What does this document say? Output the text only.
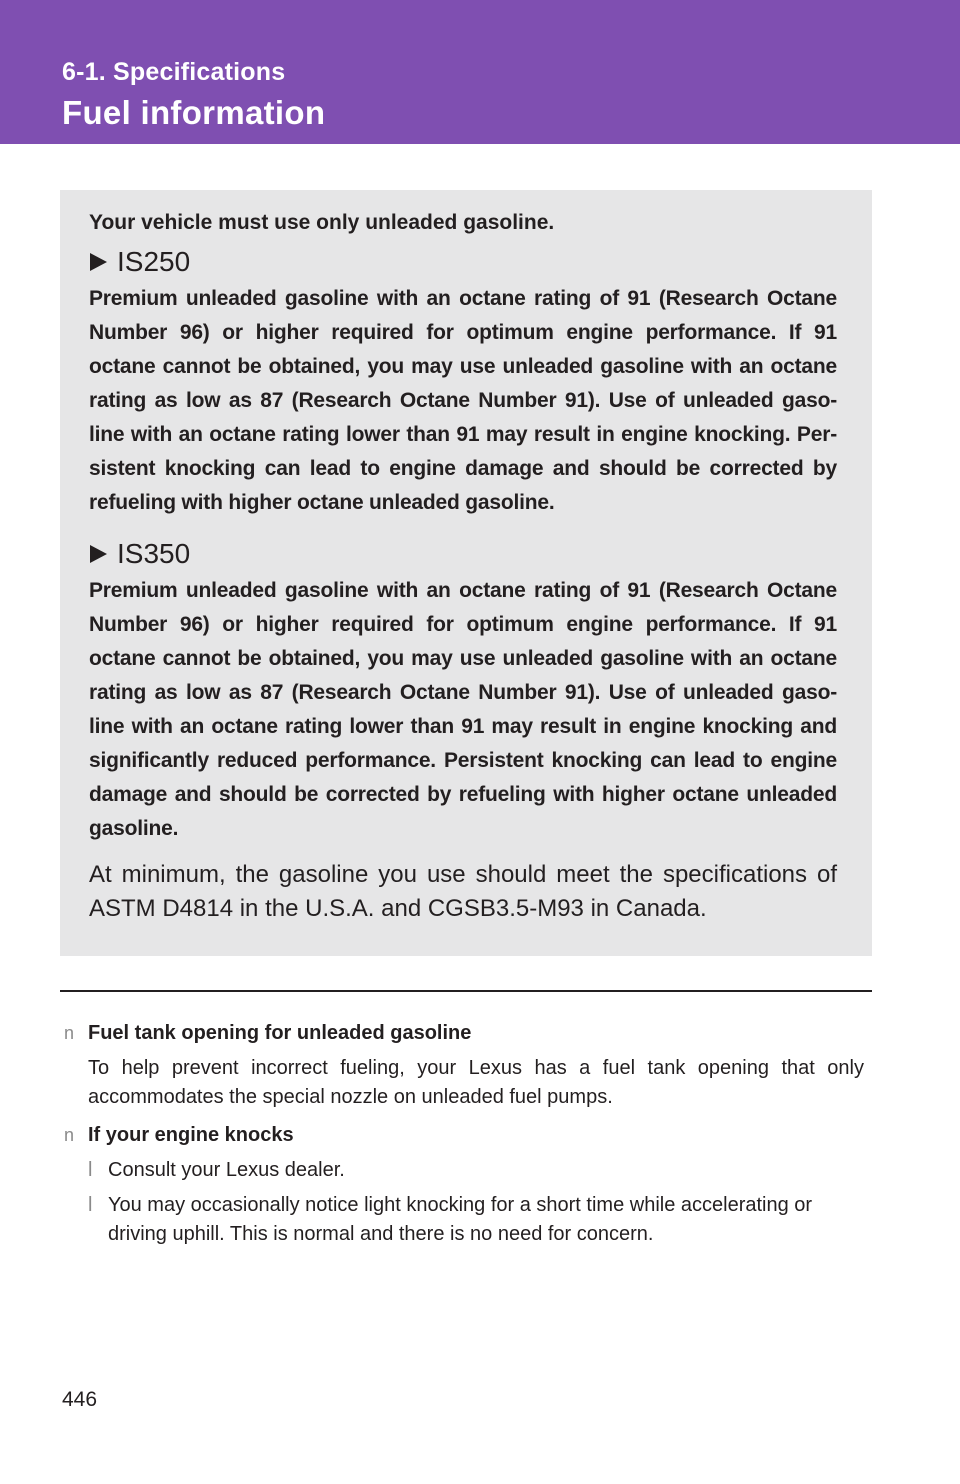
6-1. Specifications
Fuel information

Your vehicle must use only unleaded gasoline.

IS250

Premium unleaded gasoline with an octane rating of 91 (Research Octane Number 96) or higher required for optimum engine performance. If 91 octane cannot be obtained, you may use unleaded gasoline with an octane rating as low as 87 (Research Octane Number 91). Use of unleaded gaso-line with an octane rating lower than 91 may result in engine knocking. Per-sistent knocking can lead to engine damage and should be corrected by refueling with higher octane unleaded gasoline.

IS350

Premium unleaded gasoline with an octane rating of 91 (Research Octane Number 96) or higher required for optimum engine performance. If 91 octane cannot be obtained, you may use unleaded gasoline with an octane rating as low as 87 (Research Octane Number 91). Use of unleaded gaso-line with an octane rating lower than 91 may result in engine knocking and significantly reduced performance. Persistent knocking can lead to engine damage and should be corrected by refueling with higher octane unleaded gasoline.

At minimum, the gasoline you use should meet the specifications of ASTM D4814 in the U.S.A. and CGSB3.5-M93 in Canada.

n Fuel tank opening for unleaded gasoline
To help prevent incorrect fueling, your Lexus has a fuel tank opening that only accommodates the special nozzle on unleaded fuel pumps.
n If your engine knocks
l Consult your Lexus dealer.
l You may occasionally notice light knocking for a short time while accelerating or driving uphill. This is normal and there is no need for concern.
446
